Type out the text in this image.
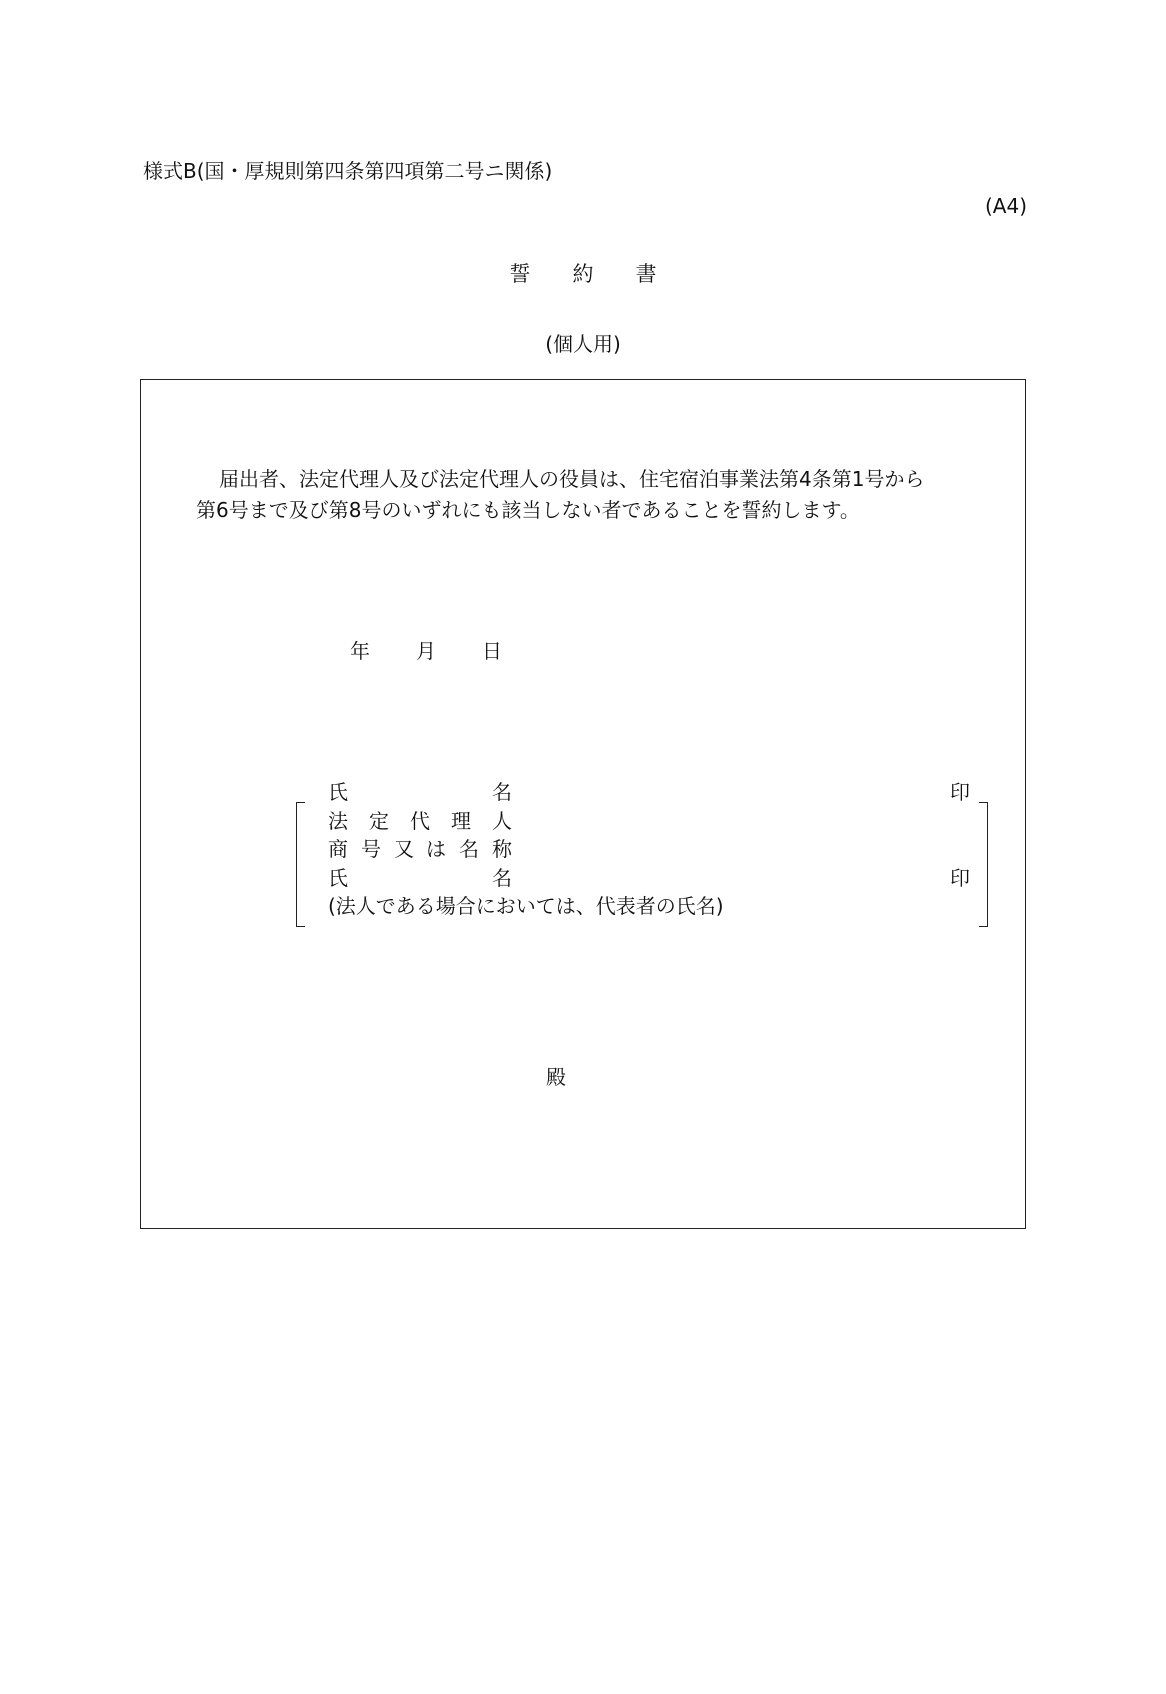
様式B(国・厚規則第四条第四項第二号ニ関係)
(A4)
誓約書
(個人用)
届出者、法定代理人及び法定代理人の役員は、住宅宿泊事業法第4条第1号から
第6号まで及び第8号のいずれにも該当しない者であることを誓約します。
年 月 日
氏	名	印
法 定 代 理 人
商 号 又 は 名 称
氏	名	印
(法人である場合においては、代表者の氏名)
殿
